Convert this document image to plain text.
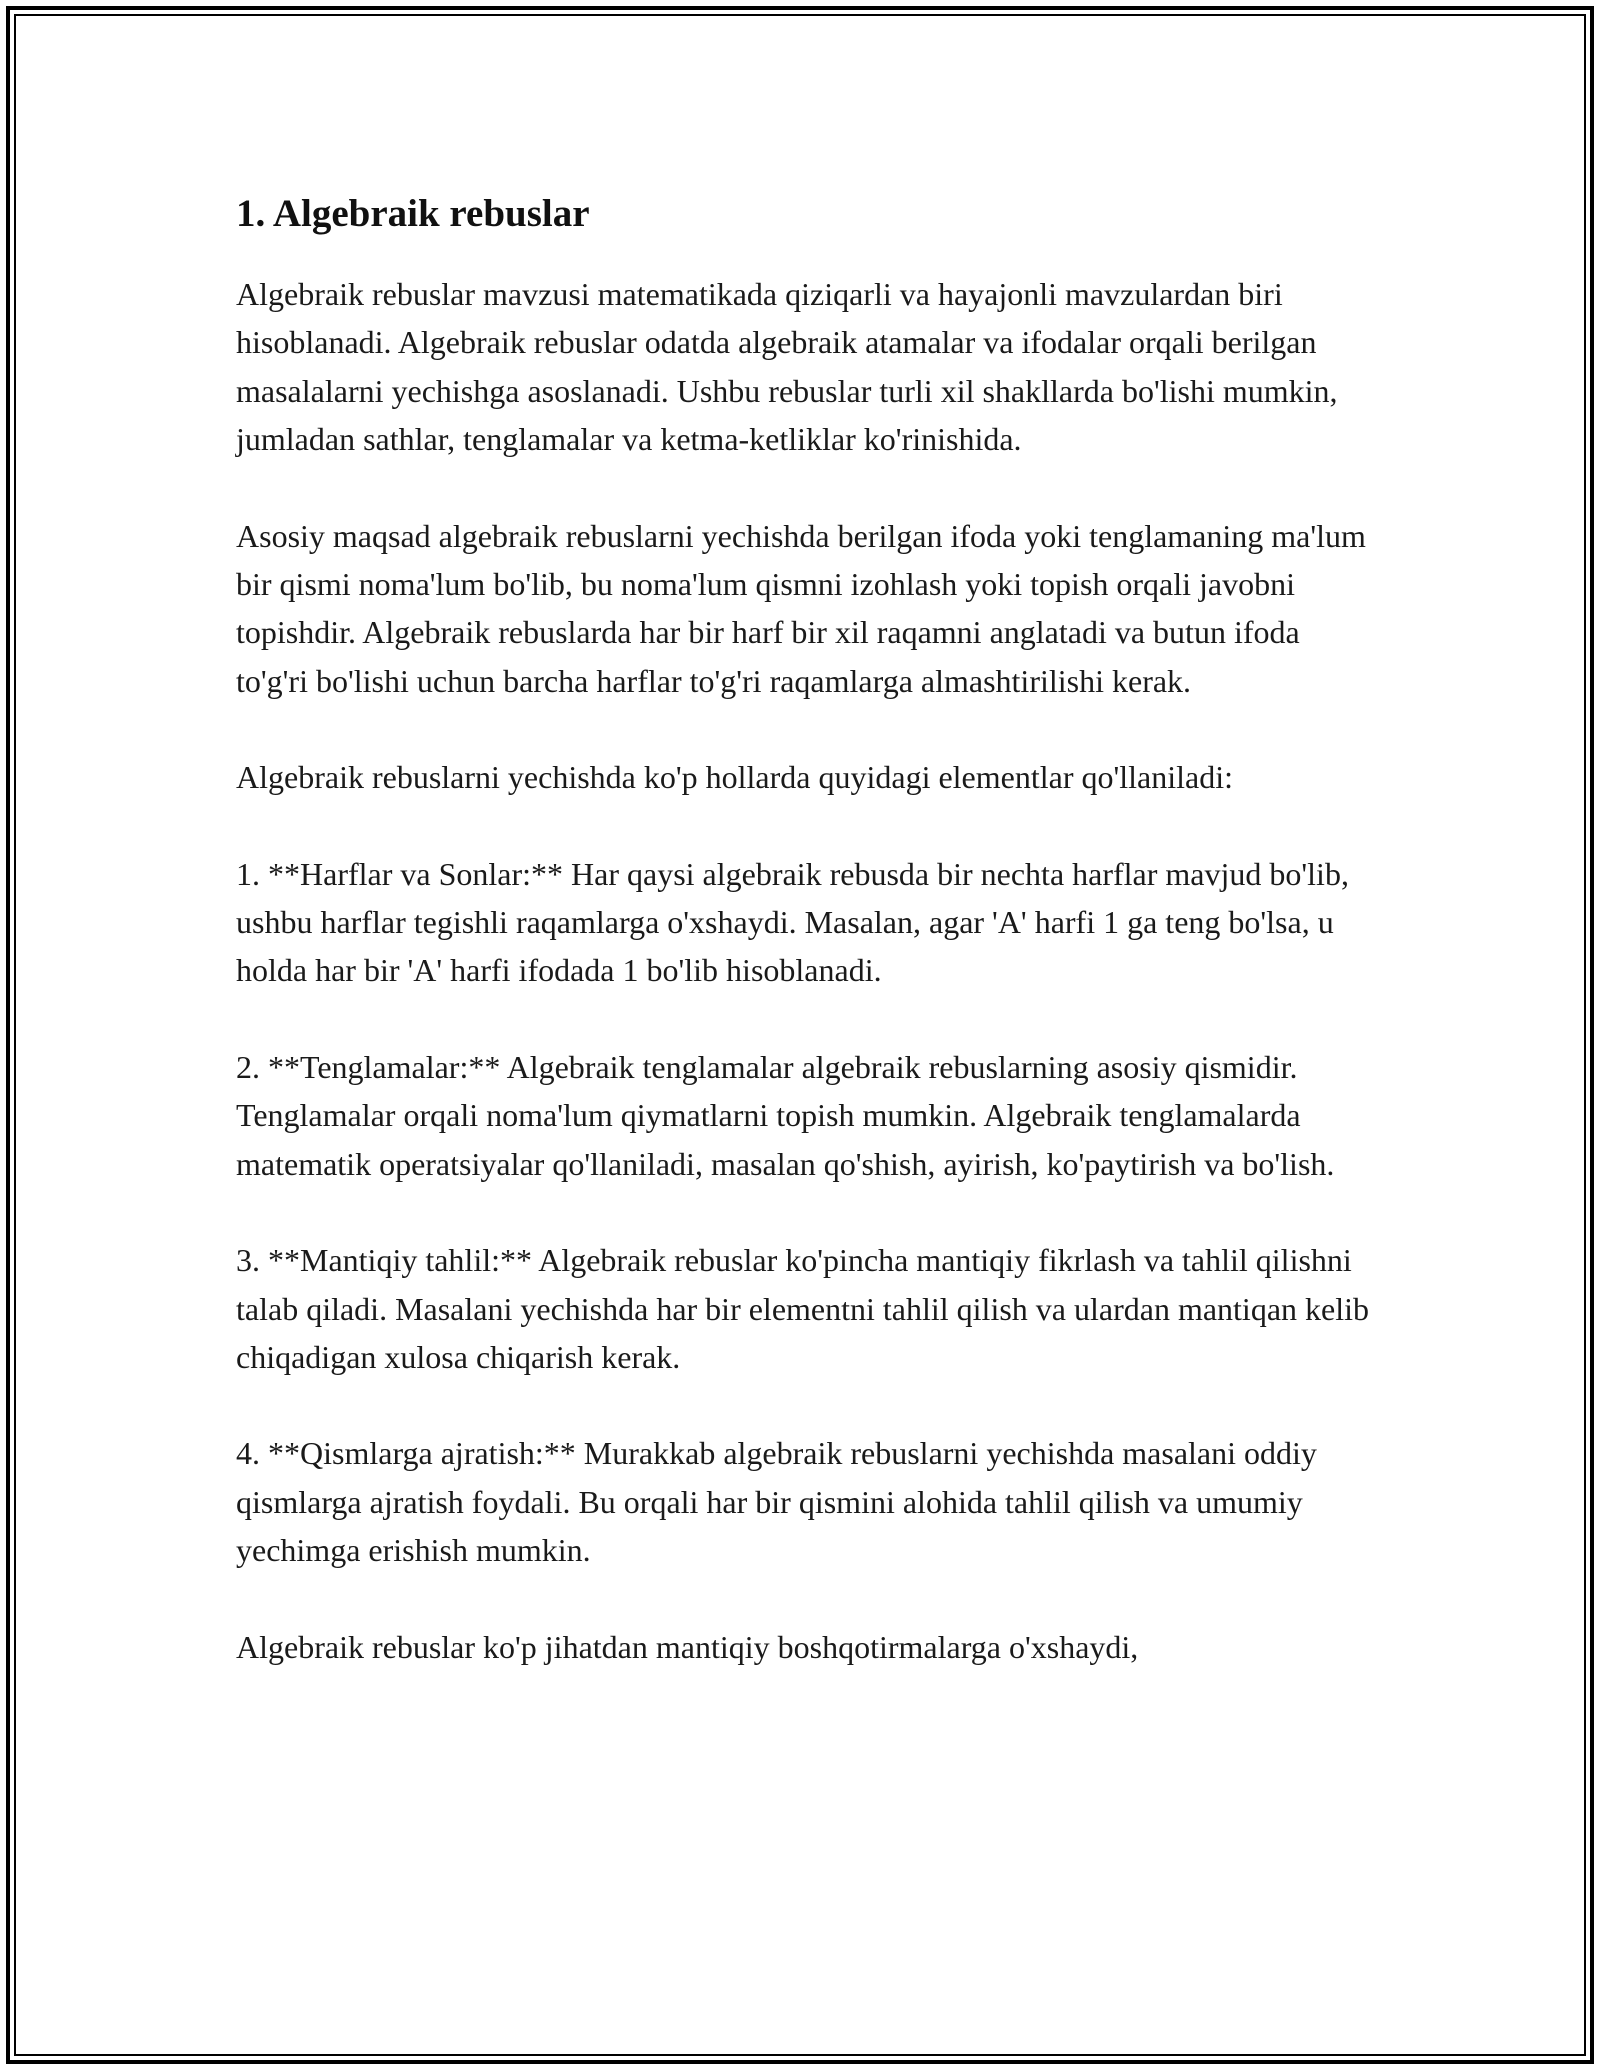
1. Algebraik rebuslar

Algebraik rebuslar mavzusi matematikada qiziqarli va hayajonli mavzulardan biri hisoblanadi. Algebraik rebuslar odatda algebraik atamalar va ifodalar orqali berilgan masalalarni yechishga asoslanadi. Ushbu rebuslar turli xil shakllarda bo'lishi mumkin, jumladan sathlar, tenglamalar va ketma-ketliklar ko'rinishida.

Asosiy maqsad algebraik rebuslarni yechishda berilgan ifoda yoki tenglamaning ma'lum bir qismi noma'lum bo'lib, bu noma'lum qismni izohlash yoki topish orqali javobni topishdir. Algebraik rebuslarda har bir harf bir xil raqamni anglatadi va butun ifoda to'g'ri bo'lishi uchun barcha harflar to'g'ri raqamlarga almashtirilishi kerak.

Algebraik rebuslarni yechishda ko'p hollarda quyidagi elementlar qo'llaniladi:

1. **Harflar va Sonlar:** Har qaysi algebraik rebusda bir nechta harflar mavjud bo'lib, ushbu harflar tegishli raqamlarga o'xshaydi. Masalan, agar 'A' harfi 1 ga teng bo'lsa, u holda har bir 'A' harfi ifodada 1 bo'lib hisoblanadi.

2. **Tenglamalar:** Algebraik tenglamalar algebraik rebuslarning asosiy qismidir. Tenglamalar orqali noma'lum qiymatlarni topish mumkin. Algebraik tenglamalarda matematik operatsiyalar qo'llaniladi, masalan qo'shish, ayirish, ko'paytirish va bo'lish.

3. **Mantiqiy tahlil:** Algebraik rebuslar ko'pincha mantiqiy fikrlash va tahlil qilishni talab qiladi. Masalani yechishda har bir elementni tahlil qilish va ulardan mantiqan kelib chiqadigan xulosa chiqarish kerak.

4. **Qismlarga ajratish:** Murakkab algebraik rebuslarni yechishda masalani oddiy qismlarga ajratish foydali. Bu orqali har bir qismini alohida tahlil qilish va umumiy yechimga erishish mumkin.

Algebraik rebuslar ko'p jihatdan mantiqiy boshqotirmalarga o'xshaydi,
